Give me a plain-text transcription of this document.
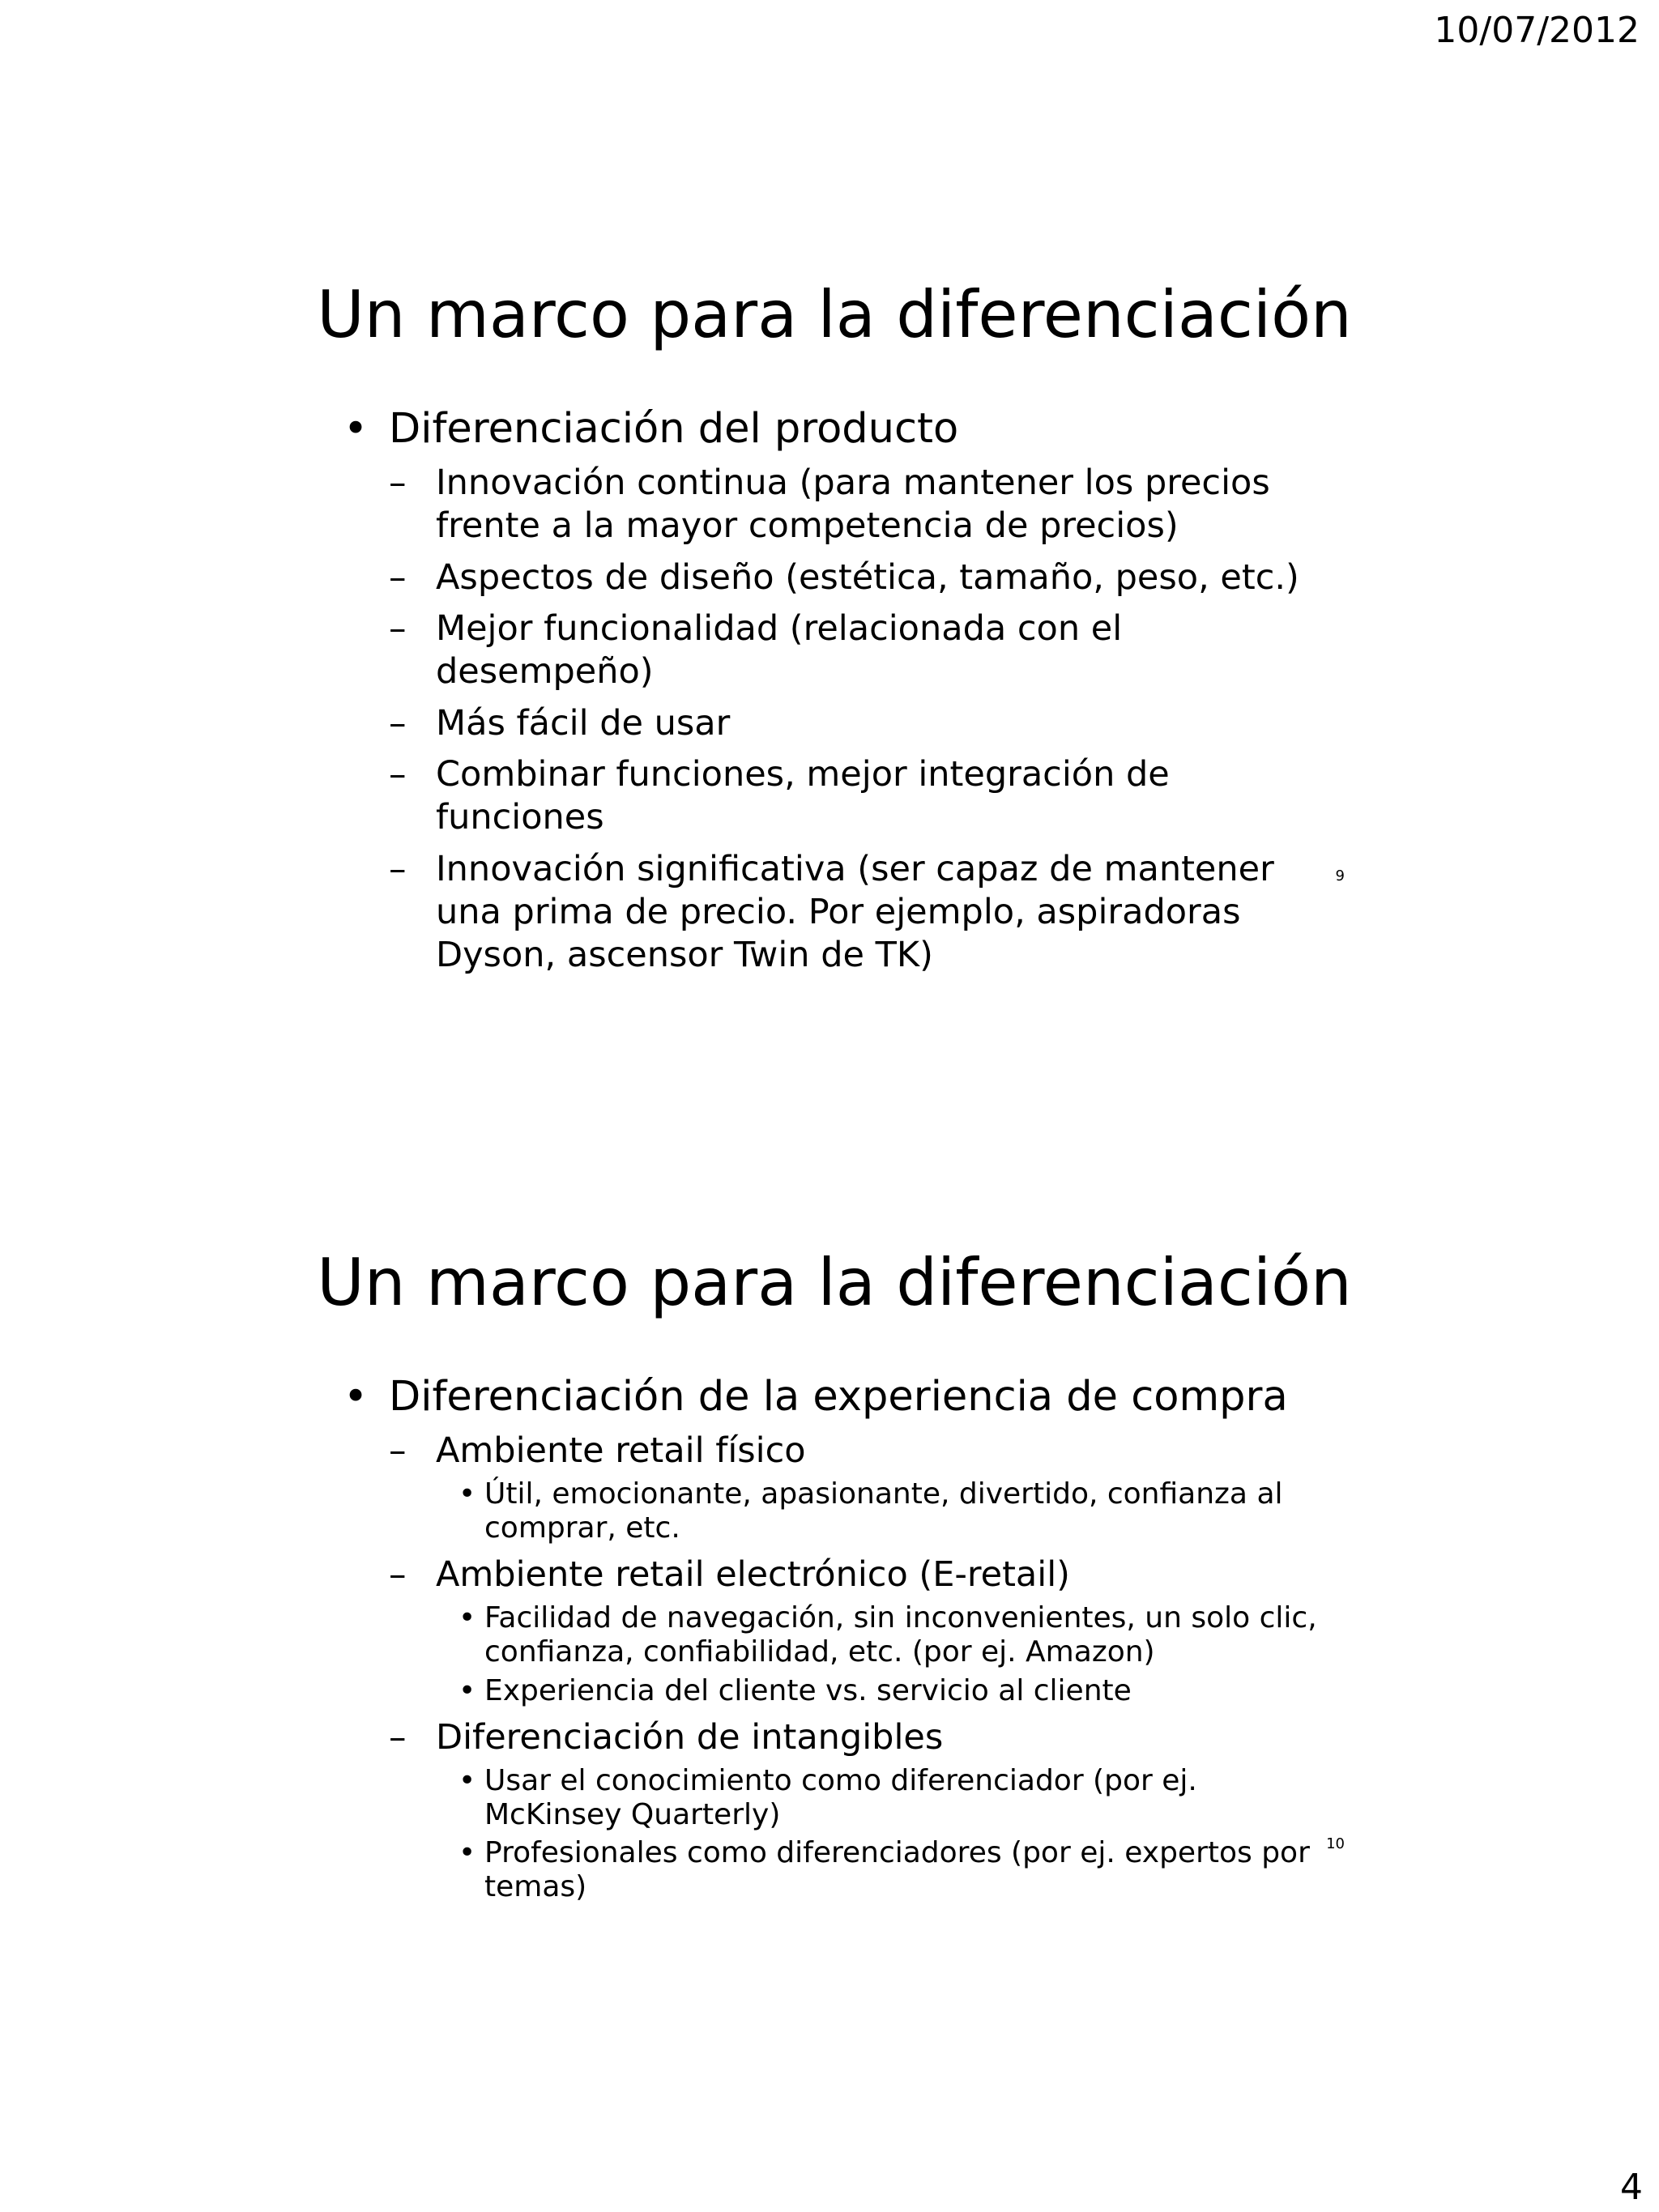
10/07/2012
Un marco para la diferenciación
• Diferenciación del producto
– Innovación continua (para mantener los precios frente a la mayor competencia de precios)
– Aspectos de diseño (estética, tamaño, peso, etc.)
– Mejor funcionalidad (relacionada con el desempeño)
– Más fácil de usar
– Combinar funciones, mejor integración de funciones
– Innovación significativa (ser capaz de mantener una prima de precio. Por ejemplo, aspiradoras Dyson, ascensor Twin de TK)
9
Un marco para la diferenciación
• Diferenciación de la experiencia de compra
– Ambiente retail físico
• Útil, emocionante, apasionante, divertido, confianza al comprar, etc.
– Ambiente retail electrónico (E-retail)
• Facilidad de navegación, sin inconvenientes, un solo clic, confianza, confiabilidad, etc. (por ej. Amazon)
• Experiencia del cliente vs. servicio al cliente
– Diferenciación de intangibles
• Usar el conocimiento como diferenciador (por ej. McKinsey Quarterly)
• Profesionales como diferenciadores (por ej. expertos por temas)
10
4
